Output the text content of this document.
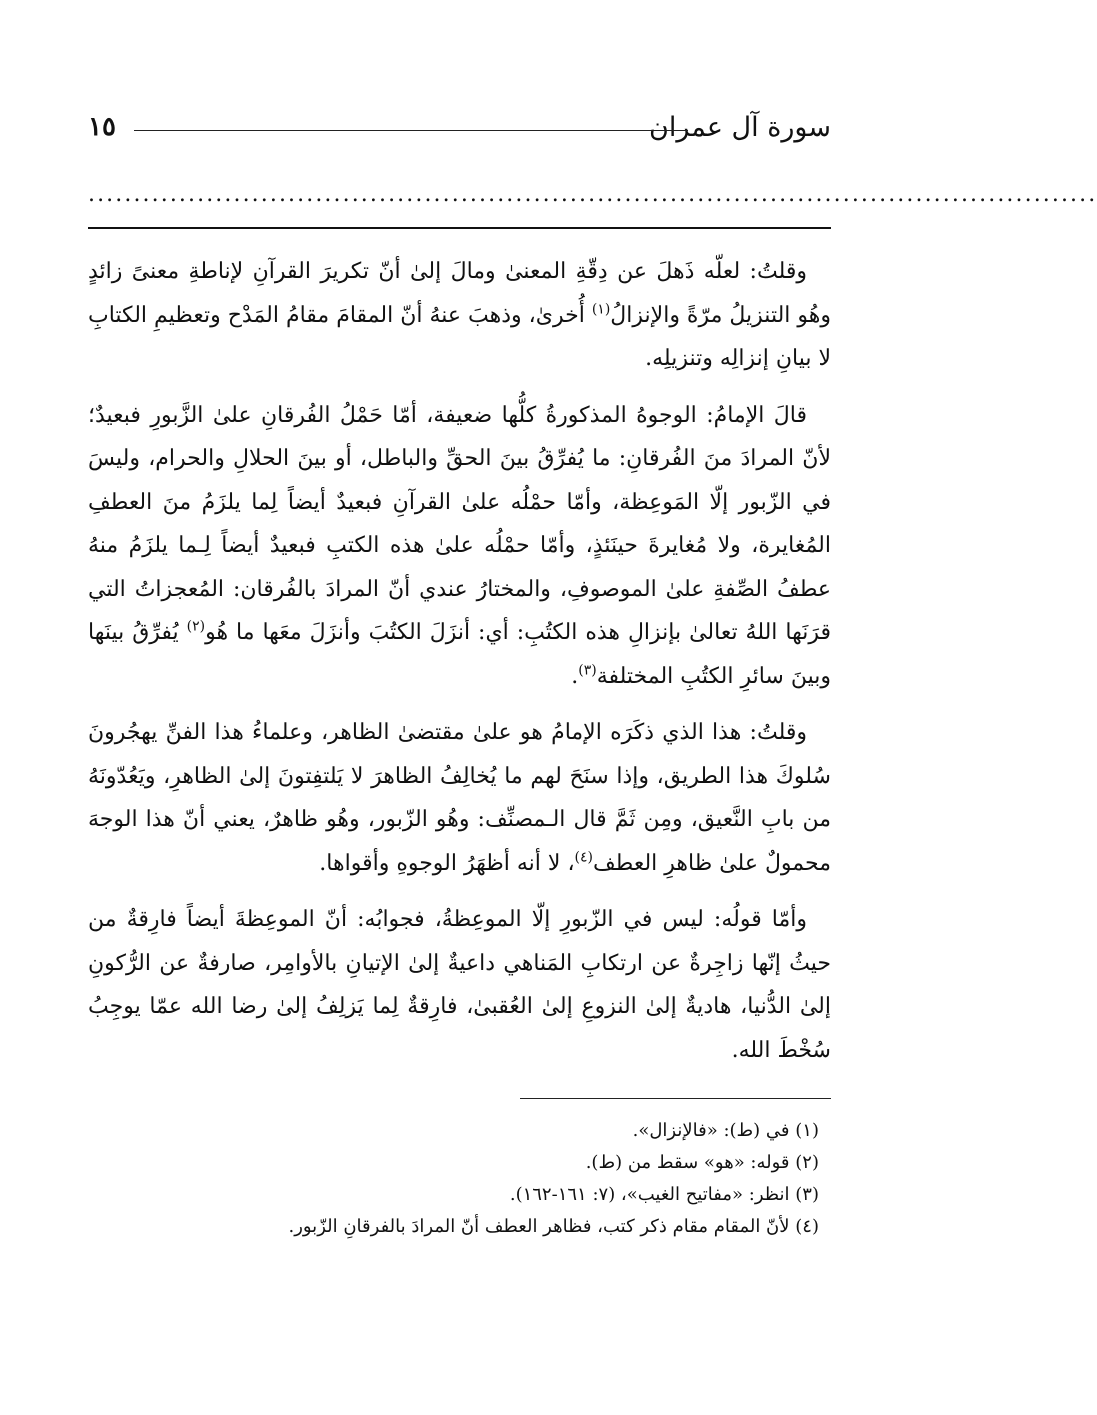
سورة آل عمران
١٥
...............................................................................................................

وقلتُ: لعلّه ذَهلَ عن دِقّةِ المعنىٰ ومالَ إلىٰ أنّ تكريرَ القرآنِ لإناطةِ معنىً زائدٍ وهُو التنزيلُ مرّةً والإنزالُ$^{(١)}$ أُخرىٰ، وذهبَ عنهُ أنّ المقامَ مقامُ المَدْح وتعظيمِ الكتابِ لا بيانِ إنزالِه وتنزيلِه.

قالَ الإمامُ: الوجوهُ المذكورةُ كلُّها ضعيفة، أمّا حَمْلُ الفُرقانِ علىٰ الزَّبورِ فبعيدٌ؛ لأنّ المرادَ منَ الفُرقانِ: ما يُفرِّقُ بينَ الحقِّ والباطل، أو بينَ الحلالِ والحرام، وليسَ في الزّبور إلّا المَوعِظة، وأمّا حمْلُه علىٰ القرآنِ فبعيدٌ أيضاً لِما يلزَمُ منَ العطفِ المُغايرة، ولا مُغايرةَ حينَئذٍ، وأمّا حمْلُه علىٰ هذه الكتبِ فبعيدٌ أيضاً لِـما يلزَمُ منهُ عطفُ الصِّفةِ علىٰ الموصوفِ، والمختارُ عندي أنّ المرادَ بالفُرقان: المُعجزاتُ التي قرَنَها اللهُ تعالىٰ بإنزالِ هذه الكتُبِ: أي: أنزَلَ الكتُبَ وأنزَلَ معَها ما هُو$^{(٢)}$ يُفرِّقُ بينَها وبينَ سائرِ الكتُبِ المختلفة$^{(٣)}$.

وقلتُ: هذا الذي ذكَرَه الإمامُ هو علىٰ مقتضىٰ الظاهر، وعلماءُ هذا الفنِّ يهجُرونَ سُلوكَ هذا الطريق، وإذا سنَحَ لهم ما يُخالِفُ الظاهرَ لا يَلتفِتونَ إلىٰ الظاهرِ، ويَعُدّونَهُ من بابِ النَّعيق، ومِن ثَمَّ قال الـمصنِّف: وهُو الزّبور، وهُو ظاهرٌ، يعني أنّ هذا الوجهَ محمولٌ علىٰ ظاهرِ العطف$^{(٤)}$، لا أنه أظهَرُ الوجوهِ وأقواها.

وأمّا قولُه: ليس في الزّبورِ إلّا الموعِظةُ، فجوابُه: أنّ الموعِظةَ أيضاً فارِقةٌ من حيثُ إنّها زاجِرةٌ عن ارتكابِ المَناهي داعيةٌ إلىٰ الإتيانِ بالأوامِر، صارفةٌ عن الرُّكونِ إلىٰ الدُّنيا، هاديةٌ إلىٰ النزوعِ إلىٰ العُقبىٰ، فارِقةٌ لِما يَزلِفُ إلىٰ رضا الله عمّا يوجِبُ سُخْطَ الله.

(١) في (ط): «فالإنزال».

(٢) قوله: «هو» سقط من (ط).

(٣) انظر: «مفاتيح الغيب»، (٧: ١٦١-١٦٢).

(٤) لأنّ المقام مقام ذكر كتب، فظاهر العطف أنّ المرادَ بالفرقانِ الزّبور.
